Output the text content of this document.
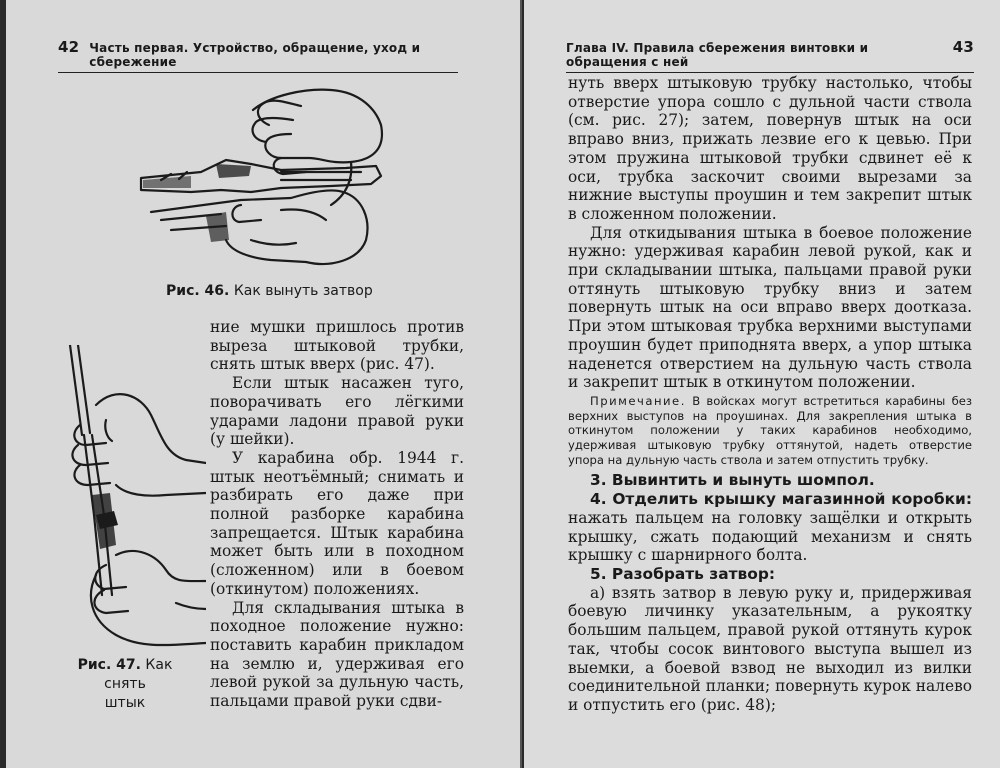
42 Часть первая. Устройство, обращение, уход и сбережение
Рис. 46. Как вынуть затвор
Рис. 47. Как снять
штык

ние мушки пришлось против выреза штыковой трубки, снять штык вверх (рис. 47).

Если штык насажен туго, поворачивать его лёгкими ударами ладони правой руки (у шейки).

У карабина обр. 1944 г. штык неотъёмный; снимать и разбирать его даже при полной разборке карабина запрещается. Штык карабина может быть или в походном (сложенном) или в боевом (откинутом) положениях.

Для складывания штыка в походное положение нужно: поставить карабин прикладом на землю и, удерживая его левой рукой за дульную часть, пальцами правой руки сдви-

Глава IV. Правила сбережения винтовки и обращения с ней
43

нуть вверх штыковую трубку настолько, чтобы отверстие упора сошло с дульной части ствола (см. рис. 27); затем, повернув штык на оси вправо вниз, прижать лезвие его к цевью. При этом пружина штыковой трубки сдвинет её к оси, трубка заскочит своими вырезами за нижние выступы проушин и тем закрепит штык в сложенном положении.

Для откидывания штыка в боевое положение нужно: удерживая карабин левой рукой, как и при складывании штыка, пальцами правой руки оттянуть штыковую трубку вниз и затем повернуть штык на оси вправо вверх доотказа. При этом штыковая трубка верхними выступами проушин будет приподнята вверх, а упор штыка наденется отверстием на дульную часть ствола и закрепит штык в откинутом положении.

Примечание. В войсках могут встретиться карабины без верхних выступов на проушинах. Для закрепления штыка в откинутом положении у таких карабинов необходимо, удерживая штыковую трубку оттянутой, надеть отверстие упора на дульную часть ствола и затем отпустить трубку.

3. Вывинтить и вынуть шомпол.

4. Отделить крышку магазинной коробки: нажать пальцем на головку защёлки и открыть крышку, сжать подающий механизм и снять крышку с шарнирного болта.

5. Разобрать затвор:

а) взять затвор в левую руку и, придерживая боевую личинку указательным, а рукоятку большим пальцем, правой рукой оттянуть курок так, чтобы сосок винтового выступа вышел из выемки, а боевой взвод не выходил из вилки соединительной планки; повернуть курок налево и отпустить его (рис. 48);
